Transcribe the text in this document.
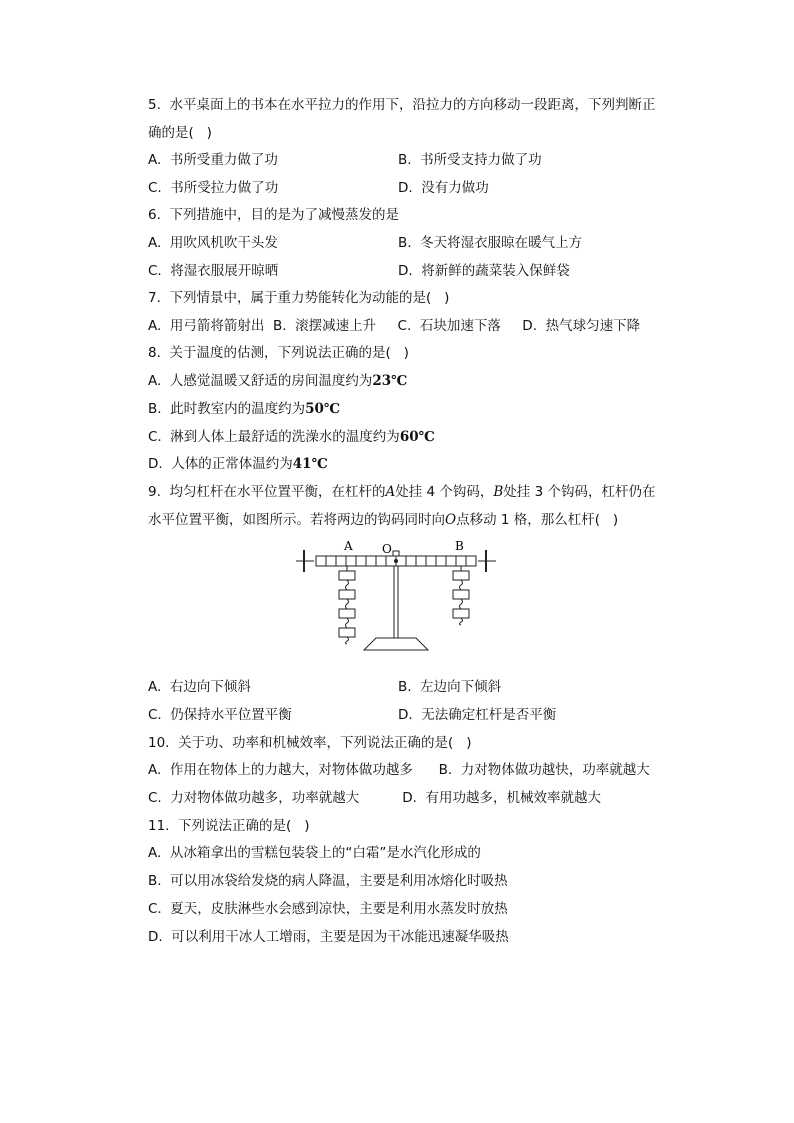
5.  水平桌面上的书本在水平拉力的作用下，沿拉力的方向移动一段距离，下列判断正
确的是(   )
A.  书所受重力做了功	B.  书所受支持力做了功
C.  书所受拉力做了功	D.  没有力做功
6.  下列措施中，目的是为了减慢蒸发的是
A.  用吹风机吹干头发	B.  冬天将湿衣服晾在暖气上方
C.  将湿衣服展开晾晒	D.  将新鲜的蔬菜装入保鲜袋
7.  下列情景中，属于重力势能转化为动能的是(   )
A.  用弓箭将箭射出  B.  滚摆减速上升     C.  石块加速下落     D.  热气球匀速下降
8.  关于温度的估测，下列说法正确的是(   )
A.  人感觉温暖又舒适的房间温度约为23℃
B.  此时教室内的温度约为50℃
C.  淋到人体上最舒适的洗澡水的温度约为60℃
D.  人体的正常体温约为41℃
9.  均匀杠杆在水平位置平衡，在杠杆的A处挂 4 个钩码，B处挂 3 个钩码，杠杆仍在
水平位置平衡，如图所示。若将两边的钩码同时向O点移动 1 格，那么杠杆(   )
A O	B
A.  右边向下倾斜	B.  左边向下倾斜
C.  仍保持水平位置平衡	D.  无法确定杠杆是否平衡
10.  关于功、功率和机械效率，下列说法正确的是(   )
A.  作用在物体上的力越大，对物体做功越多      B.  力对物体做功越快，功率就越大
C.  力对物体做功越多，功率就越大          D.  有用功越多，机械效率就越大
11.  下列说法正确的是(   )
A.  从冰箱拿出的雪糕包装袋上的“白霜”是水汽化形成的
B.  可以用冰袋给发烧的病人降温，主要是利用冰熔化时吸热
C.  夏天，皮肤淋些水会感到凉快，主要是利用水蒸发时放热
D.  可以利用干冰人工增雨，主要是因为干冰能迅速凝华吸热
